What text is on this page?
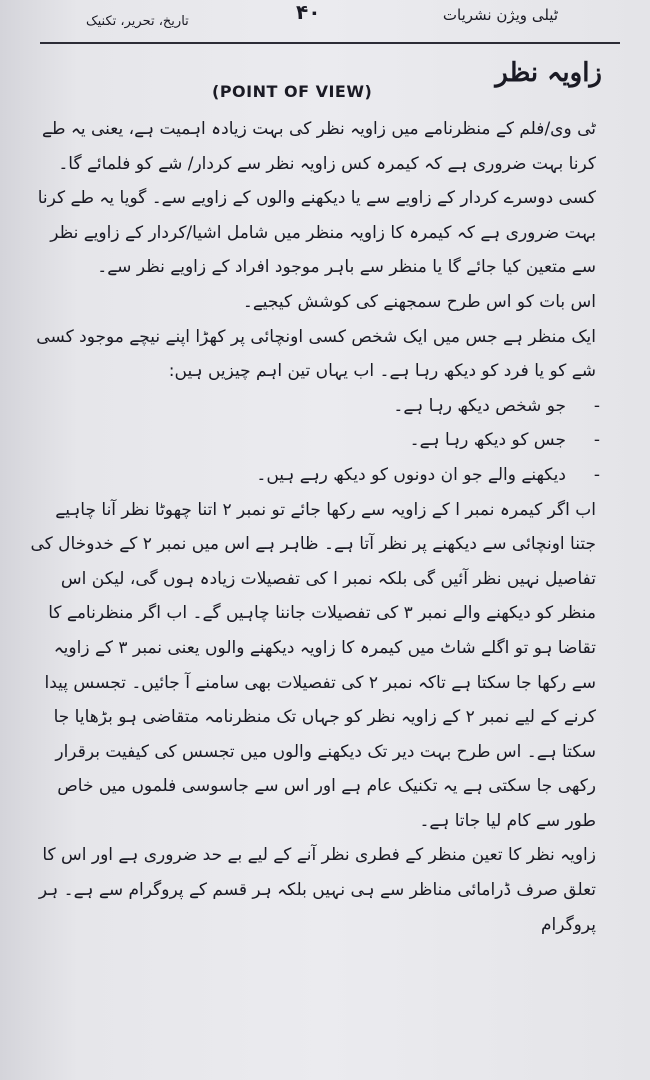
تاریخ، تحریر، تکنیک	۴۰	ٹیلی ویژن نشریات
زاویہ نظر
(POINT OF VIEW)

ٹی وی/فلم کے منظرنامے میں زاویہ نظر کی بہت زیادہ اہمیت ہے، یعنی یہ طے کرنا بہت ضروری ہے کہ کیمرہ کس زاویہ نظر سے کردار/ شے کو فلمائے گا۔ کسی دوسرے کردار کے زاویے سے یا دیکھنے والوں کے زاویے سے۔ گویا یہ طے کرنا بہت ضروری ہے کہ کیمرہ کا زاویہ منظر میں شامل اشیا/کردار کے زاویے نظر سے متعین کیا جائے گا یا منظر سے باہر موجود افراد کے زاویے نظر سے۔

اس بات کو اس طرح سمجھنے کی کوشش کیجیے۔

ایک منظر ہے جس میں ایک شخص کسی اونچائی پر کھڑا اپنے نیچے موجود کسی شے کو یا فرد کو دیکھ رہا ہے۔ اب یہاں تین اہم چیزیں ہیں:

-
جو شخص دیکھ رہا ہے۔
-
جس کو دیکھ رہا ہے۔
-
دیکھنے والے جو ان دونوں کو دیکھ رہے ہیں۔

اب اگر کیمرہ نمبر ا کے زاویہ سے رکھا جائے تو نمبر ۲ اتنا چھوٹا نظر آنا چاہیے جتنا اونچائی سے دیکھنے پر نظر آتا ہے۔ ظاہر ہے اس میں نمبر ۲ کے خدوخال کی تفاصیل نہیں نظر آئیں گی بلکہ نمبر ا کی تفصیلات زیادہ ہوں گی، لیکن اس منظر کو دیکھنے والے نمبر ۳ کی تفصیلات جاننا چاہیں گے۔ اب اگر منظرنامے کا تقاضا ہو تو اگلے شاٹ میں کیمرہ کا زاویہ دیکھنے والوں یعنی نمبر ۳ کے زاویہ سے رکھا جا سکتا ہے تاکہ نمبر ۲ کی تفصیلات بھی سامنے آ جائیں۔ تجسس پیدا کرنے کے لیے نمبر ۲ کے زاویہ نظر کو جہاں تک منظرنامہ متقاضی ہو بڑھایا جا سکتا ہے۔ اس طرح بہت دیر تک دیکھنے والوں میں تجسس کی کیفیت برقرار رکھی جا سکتی ہے یہ تکنیک عام ہے اور اس سے جاسوسی فلموں میں خاص طور سے کام لیا جاتا ہے۔

زاویہ نظر کا تعین منظر کے فطری نظر آنے کے لیے بے حد ضروری ہے اور اس کا تعلق صرف ڈرامائی مناظر سے ہی نہیں بلکہ ہر قسم کے پروگرام سے ہے۔ ہر پروگرام
